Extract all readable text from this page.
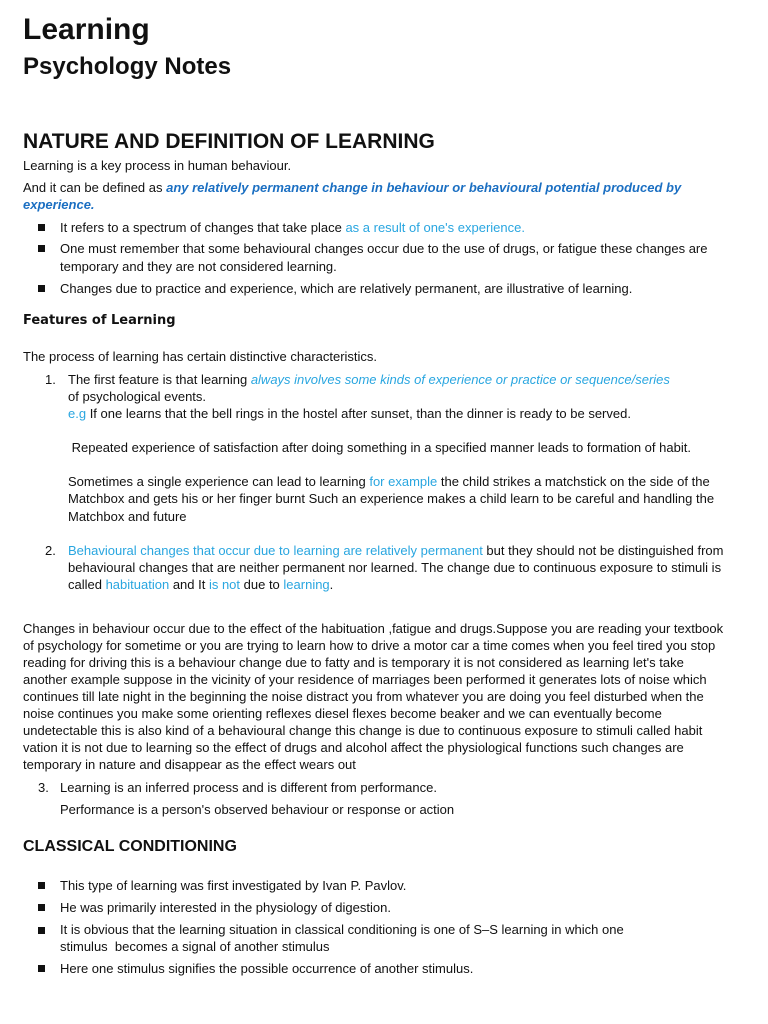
Learning
Psychology Notes
NATURE AND DEFINITION OF LEARNING
Learning is a key process in human behaviour.
And it can be defined as any relatively permanent change in behaviour or behavioural potential produced by
experience.
It refers to a spectrum of changes that take place as a result of one's experience.
One must remember that some behavioural changes occur due to the use of drugs, or fatigue these changes are
temporary and they are not considered learning.
Changes due to practice and experience, which are relatively permanent, are illustrative of learning.
Features of Learning
The process of learning has certain distinctive characteristics.
1. The first feature is that learning always involves some kinds of experience or practice or sequence/series
of psychological events.
e.g If one learns that the bell rings in the hostel after sunset, than the dinner is ready to be served.
Repeated experience of satisfaction after doing something in a specified manner leads to formation of habit.
Sometimes a single experience can lead to learning for example the child strikes a matchstick on the side of the
Matchbox and gets his or her finger burnt Such an experience makes a child learn to be careful and handling the
Matchbox and future
2. Behavioural changes that occur due to learning are relatively permanent but they should not be distinguished from
behavioural changes that are neither permanent nor learned. The change due to continuous exposure to stimuli is
called habituation and It is not due to learning.
Changes in behaviour occur due to the effect of the habituation ,fatigue and drugs.Suppose you are reading your textbook
of psychology for sometime or you are trying to learn how to drive a motor car a time comes when you feel tired you stop
reading for driving this is a behaviour change due to fatty and is temporary it is not considered as learning let's take
another example suppose in the vicinity of your residence of marriages been performed it generates lots of noise which
continues till late night in the beginning the noise distract you from whatever you are doing you feel disturbed when the
noise continues you make some orienting reflexes diesel flexes become beaker and we can eventually become
undetectable this is also kind of a behavioural change this change is due to continuous exposure to stimuli called habit
vation it is not due to learning so the effect of drugs and alcohol affect the physiological functions such changes are
temporary in nature and disappear as the effect wears out
3. Learning is an inferred process and is different from performance.
Performance is a person's observed behaviour or response or action
CLASSICAL CONDITIONING
This type of learning was first investigated by Ivan P. Pavlov.
He was primarily interested in the physiology of digestion.
It is obvious that the learning situation in classical conditioning is one of S–S learning in which one
stimulus  becomes a signal of another stimulus
Here one stimulus signifies the possible occurrence of another stimulus.
